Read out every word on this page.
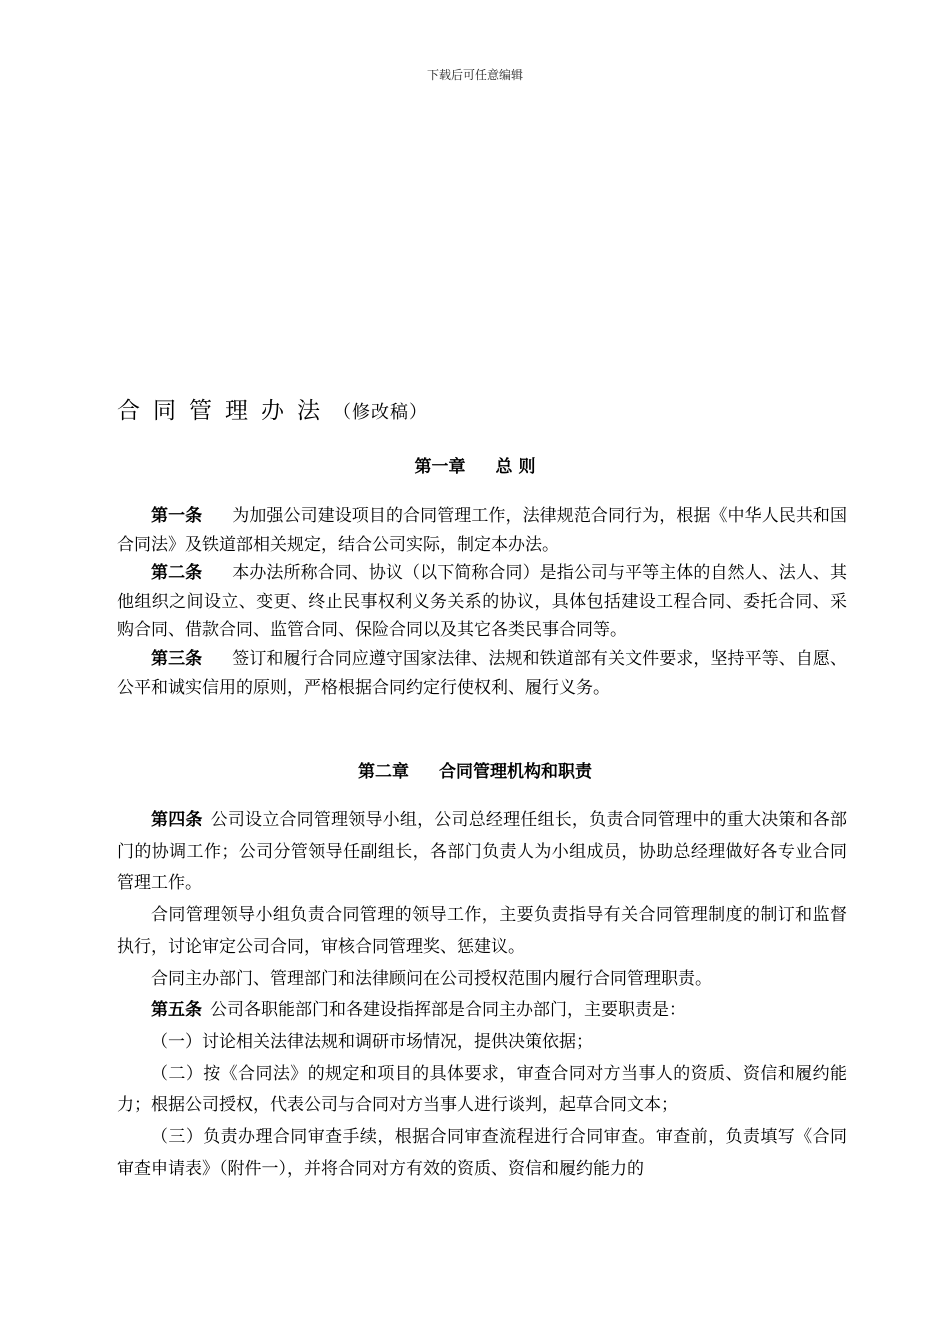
下载后可任意编辑
合同管理办法（修改稿）
第一章 总 则

第一条 为加强公司建设项目的合同管理工作，法律规范合同行为，根据《中华人民共和国合同法》及铁道部相关规定，结合公司实际，制定本办法。

第二条 本办法所称合同、协议（以下简称合同）是指公司与平等主体的自然人、法人、其他组织之间设立、变更、终止民事权利义务关系的协议，具体包括建设工程合同、委托合同、采购合同、借款合同、监管合同、保险合同以及其它各类民事合同等。

第三条 签订和履行合同应遵守国家法律、法规和铁道部有关文件要求，坚持平等、自愿、公平和诚实信用的原则，严格根据合同约定行使权利、履行义务。

第二章 合同管理机构和职责

第四条 公司设立合同管理领导小组，公司总经理任组长，负责合同管理中的重大决策和各部门的协调工作；公司分管领导任副组长，各部门负责人为小组成员，协助总经理做好各专业合同管理工作。

合同管理领导小组负责合同管理的领导工作，主要负责指导有关合同管理制度的制订和监督执行，讨论审定公司合同，审核合同管理奖、惩建议。

合同主办部门、管理部门和法律顾问在公司授权范围内履行合同管理职责。

第五条 公司各职能部门和各建设指挥部是合同主办部门，主要职责是：

（一）讨论相关法律法规和调研市场情况，提供决策依据；

（二）按《合同法》的规定和项目的具体要求，审查合同对方当事人的资质、资信和履约能力；根据公司授权，代表公司与合同对方当事人进行谈判，起草合同文本；

（三）负责办理合同审查手续，根据合同审查流程进行合同审查。审查前，负责填写《合同审查申请表》（附件一），并将合同对方有效的资质、资信和履约能力的
